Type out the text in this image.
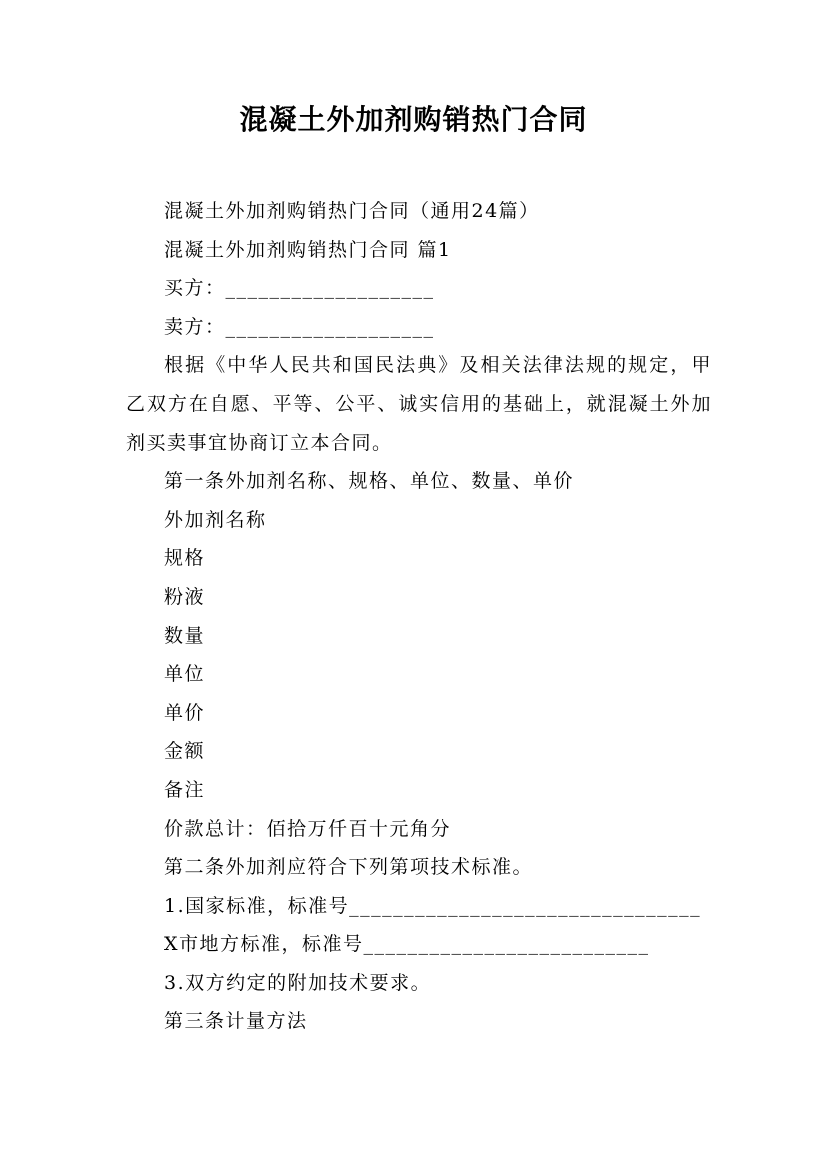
混凝土外加剂购销热门合同

混凝土外加剂购销热门合同（通用24篇）

混凝土外加剂购销热门合同 篇1

买方：___________________

卖方：___________________

根据《中华人民共和国民法典》及相关法律法规的规定，甲乙双方在自愿、平等、公平、诚实信用的基础上，就混凝土外加剂买卖事宜协商订立本合同。

第一条外加剂名称、规格、单位、数量、单价

外加剂名称

规格

粉液

数量

单位

单价

金额

备注

价款总计：佰拾万仟百十元角分

第二条外加剂应符合下列第项技术标准。

1.国家标准，标准号________________________________

X市地方标准，标准号__________________________

3.双方约定的附加技术要求。

第三条计量方法
